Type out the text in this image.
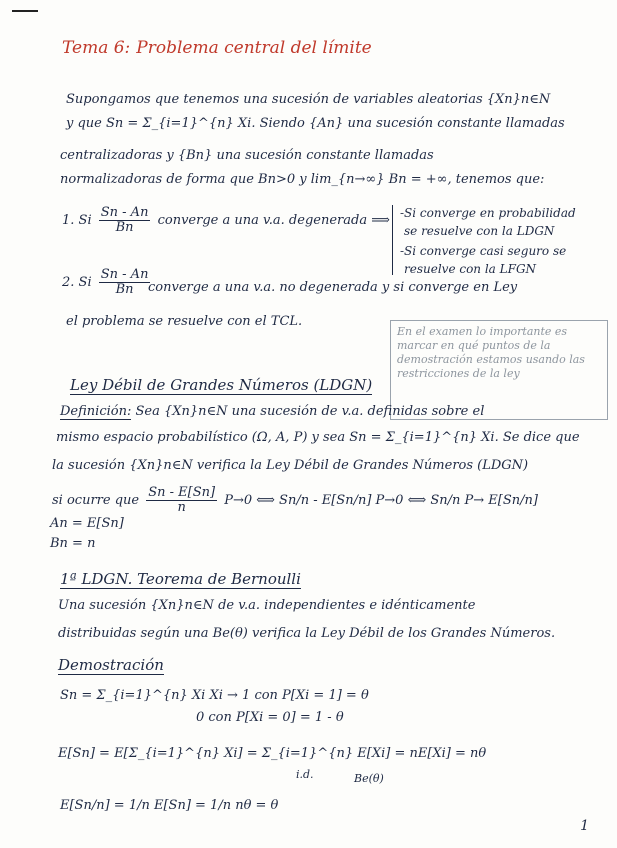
Tema 6: Problema central del límite
Supongamos que tenemos una sucesión de variables aleatorias {Xn}n∈N
y que Sn = Σ_{i=1}^{n} Xi. Siendo {An} una sucesión constante llamadas
centralizadoras y {Bn} una sucesión constante llamadas
normalizadoras de forma que Bn>0 y lim_{n→∞} Bn = +∞, tenemos que:
1. Si $\frac{Sn - An}{Bn}$ converge a una v.a. degenerada ⟹ -Si converge en probabilidad
se resuelve con la LDGN
-Si converge casi seguro se
resuelve con la LFGN
2. Si $\frac{Sn - An}{Bn}$
converge a una v.a. no degenerada y si converge en Ley
el problema se resuelve con el TCL.
En el examen lo importante es marcar en qué puntos de la demostración estamos usando las restricciones de la ley
Ley Débil de Grandes Números (LDGN)
Definición: Sea {Xn}n∈N una sucesión de v.a. definidas sobre el
mismo espacio probabilístico (Ω, A, P) y sea Sn = Σ_{i=1}^{n} Xi. Se dice que
la sucesión {Xn}n∈N verifica la Ley Débil de Grandes Números (LDGN)
si ocurre que $\frac{Sn - E[Sn]}{n} P\to 0$ ⟺ Sn/n - E[Sn/n] P→0 ⟺ Sn/n P→ E[Sn/n]
An = E[Sn]
Bn = n
1ª LDGN. Teorema de Bernoulli
Una sucesión {Xn}n∈N de v.a. independientes e idénticamente
distribuidas según una Be(θ) verifica la Ley Débil de los Grandes Números.
Demostración
Sn = Σ_{i=1}^{n} Xi Xi → 1 con P[Xi = 1] = θ
0 con P[Xi = 0] = 1 - θ
E[Sn] = E[Σ_{i=1}^{n} Xi] = Σ_{i=1}^{n} E[Xi] = nE[Xi] = nθ
i.d.	Be(θ)
E[Sn/n] = 1/n E[Sn] = 1/n nθ = θ
1
